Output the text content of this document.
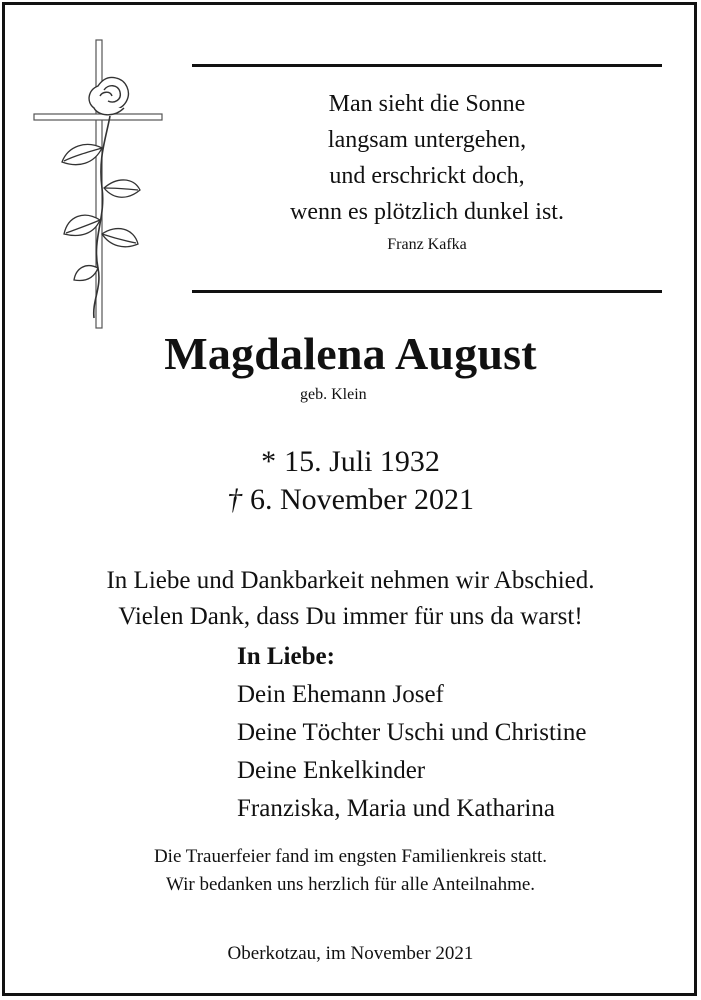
Man sieht die Sonne
langsam untergehen,
und erschrickt doch,
wenn es plötzlich dunkel ist.
Franz Kafka
Magdalena August
geb. Klein
* 15. Juli 1932
† 6. November 2021
In Liebe und Dankbarkeit nehmen wir Abschied.
Vielen Dank, dass Du immer für uns da warst!
In Liebe:
Dein Ehemann Josef
Deine Töchter Uschi und Christine
Deine Enkelkinder
Franziska, Maria und Katharina
Die Trauerfeier fand im engsten Familienkreis statt.
Wir bedanken uns herzlich für alle Anteilnahme.
Oberkotzau, im November 2021
